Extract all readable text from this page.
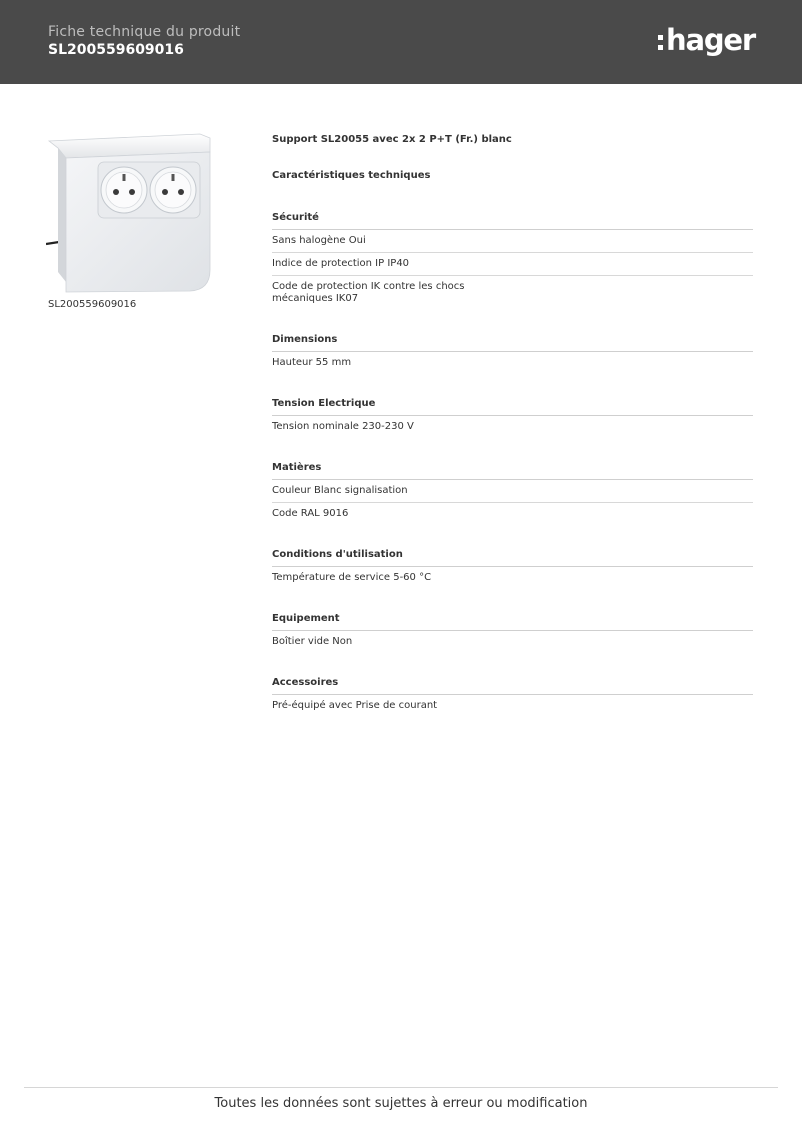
Fiche technique du produit
SL200559609016	hager
SL200559609016
Support SL20055 avec 2x 2 P+T (Fr.) blanc
Caractéristiques techniques
Sécurité
Sans halogène Oui
Indice de protection IP IP40
Code de protection IK contre les chocs
mécaniques IK07
Dimensions
Hauteur 55 mm
Tension Electrique
Tension nominale 230-230 V
Matières
Couleur Blanc signalisation
Code RAL 9016
Conditions d'utilisation
Température de service 5-60 °C
Equipement
Boîtier vide Non
Accessoires
Pré-équipé avec Prise de courant
Toutes les données sont sujettes à erreur ou modification
